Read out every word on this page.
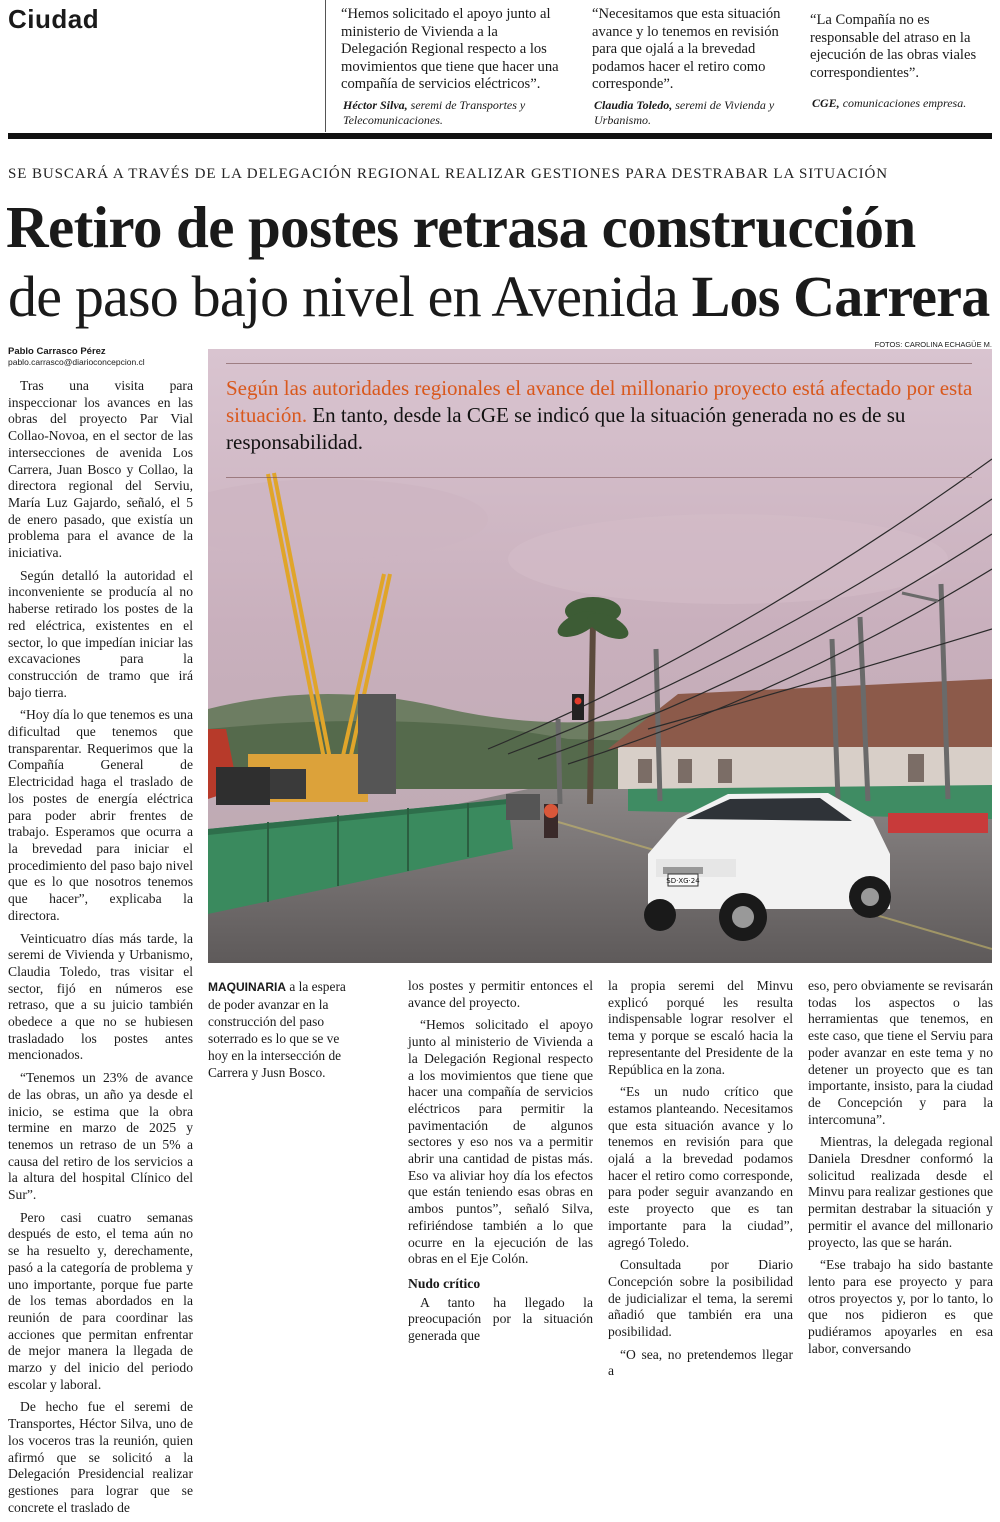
Ciudad	“Hemos solicitado el apoyo junto al ministerio de Vivienda a la Delegación Regional respecto a los movimientos que tiene que hacer una compañía de servicios eléctricos”.
Héctor Silva, seremi de Transportes y Telecomunicaciones.
“Necesitamos que esta situación avance y lo tenemos en revisión para que ojalá a la brevedad podamos hacer el retiro como corresponde”.
Claudia Toledo, seremi de Vivienda y Urbanismo.
“La Compañía no es responsable del atraso en la ejecución de las obras viales correspondientes”.
CGE, comunicaciones empresa.
SE BUSCARÁ A TRAVÉS DE LA DELEGACIÓN REGIONAL REALIZAR GESTIONES PARA DESTRABAR LA SITUACIÓN
Retiro de postes retrasa construcción
de paso bajo nivel en Avenida Los Carrera
Pablo Carrasco Pérez
pablo.carrasco@diarioconcepcion.cl
FOTOS: CAROLINA ECHAGÜE M.
SD·XG·24
Según las autoridades regionales el avance del millonario proyecto está afectado por esta situación. En tanto, desde la CGE se indicó que la situación generada no es de su responsabilidad.
MAQUINARIA a la espera de poder avanzar en la construcción del paso soterrado es lo que se ve hoy en la intersección de Carrera y Jusn Bosco.

Tras una visita para inspeccionar los avances en las obras del proyecto Par Vial Collao-Novoa, en el sector de las intersecciones de avenida Los Carrera, Juan Bosco y Collao, la directora regional del Serviu, María Luz Gajardo, señaló, el 5 de enero pasado, que existía un problema para el avance de la iniciativa.

Según detalló la autoridad el inconveniente se producía al no haberse retirado los postes de la red eléctrica, existentes en el sector, lo que impedían iniciar las excavaciones para la construcción de tramo que irá bajo tierra.

“Hoy día lo que tenemos es una dificultad que tenemos que transparentar. Requerimos que la Compañía General de Electricidad haga el traslado de los postes de energía eléctrica para poder abrir frentes de trabajo. Esperamos que ocurra a la brevedad para iniciar el procedimiento del paso bajo nivel que es lo que nosotros tenemos que hacer”, explicaba la directora.

Veinticuatro días más tarde, la seremi de Vivienda y Urbanismo, Claudia Toledo, tras visitar el sector, fijó en números ese retraso, que a su juicio también obedece a que no se hubiesen trasladado los postes antes mencionados.

“Tenemos un 23% de avance de las obras, un año ya desde el inicio, se estima que la obra termine en marzo de 2025 y tenemos un retraso de un 5% a causa del retiro de los servicios a la altura del hospital Clínico del Sur”.

Pero casi cuatro semanas después de esto, el tema aún no se ha resuelto y, derechamente, pasó a la categoría de problema y uno importante, porque fue parte de los temas abordados en la reunión de para coordinar las acciones que permitan enfrentar de mejor manera la llegada de marzo y del inicio del periodo escolar y laboral.

De hecho fue el seremi de Transportes, Héctor Silva, uno de los voceros tras la reunión, quien afirmó que se solicitó a la Delegación Presidencial realizar gestiones para lograr que se concrete el traslado de

los postes y permitir entonces el avance del proyecto.

“Hemos solicitado el apoyo junto al ministerio de Vivienda a la Delegación Regional respecto a los movimientos que tiene que hacer una compañía de servicios eléctricos para permitir la pavimentación de algunos sectores y eso nos va a permitir abrir una cantidad de pistas más. Eso va aliviar hoy día los efectos que están teniendo esas obras en ambos puntos”, señaló Silva, refiriéndose también a lo que ocurre en la ejecución de las obras en el Eje Colón.

Nudo crítico

A tanto ha llegado la preocupación por la situación generada que

la propia seremi del Minvu explicó porqué les resulta indispensable lograr resolver el tema y porque se escaló hacia la representante del Presidente de la República en la zona.

“Es un nudo crítico que estamos planteando. Necesitamos que esta situación avance y lo tenemos en revisión para que ojalá a la brevedad podamos hacer el retiro como corresponde, para poder seguir avanzando en este proyecto que es tan importante para la ciudad”, agregó Toledo.

Consultada por Diario Concepción sobre la posibilidad de judicializar el tema, la seremi añadió que también era una posibilidad.

“O sea, no pretendemos llegar a

eso, pero obviamente se revisarán todas los aspectos o las herramientas que tenemos, en este caso, que tiene el Serviu para poder avanzar en este tema y no detener un proyecto que es tan importante, insisto, para la ciudad de Concepción y para la intercomuna”.

Mientras, la delegada regional Daniela Dresdner conformó la solicitud realizada desde el Minvu para realizar gestiones que permitan destrabar la situación y permitir el avance del millonario proyecto, las que se harán.

“Ese trabajo ha sido bastante lento para ese proyecto y para otros proyectos y, por lo tanto, lo que nos pidieron es que pudiéramos apoyarles en esa labor, conversando
